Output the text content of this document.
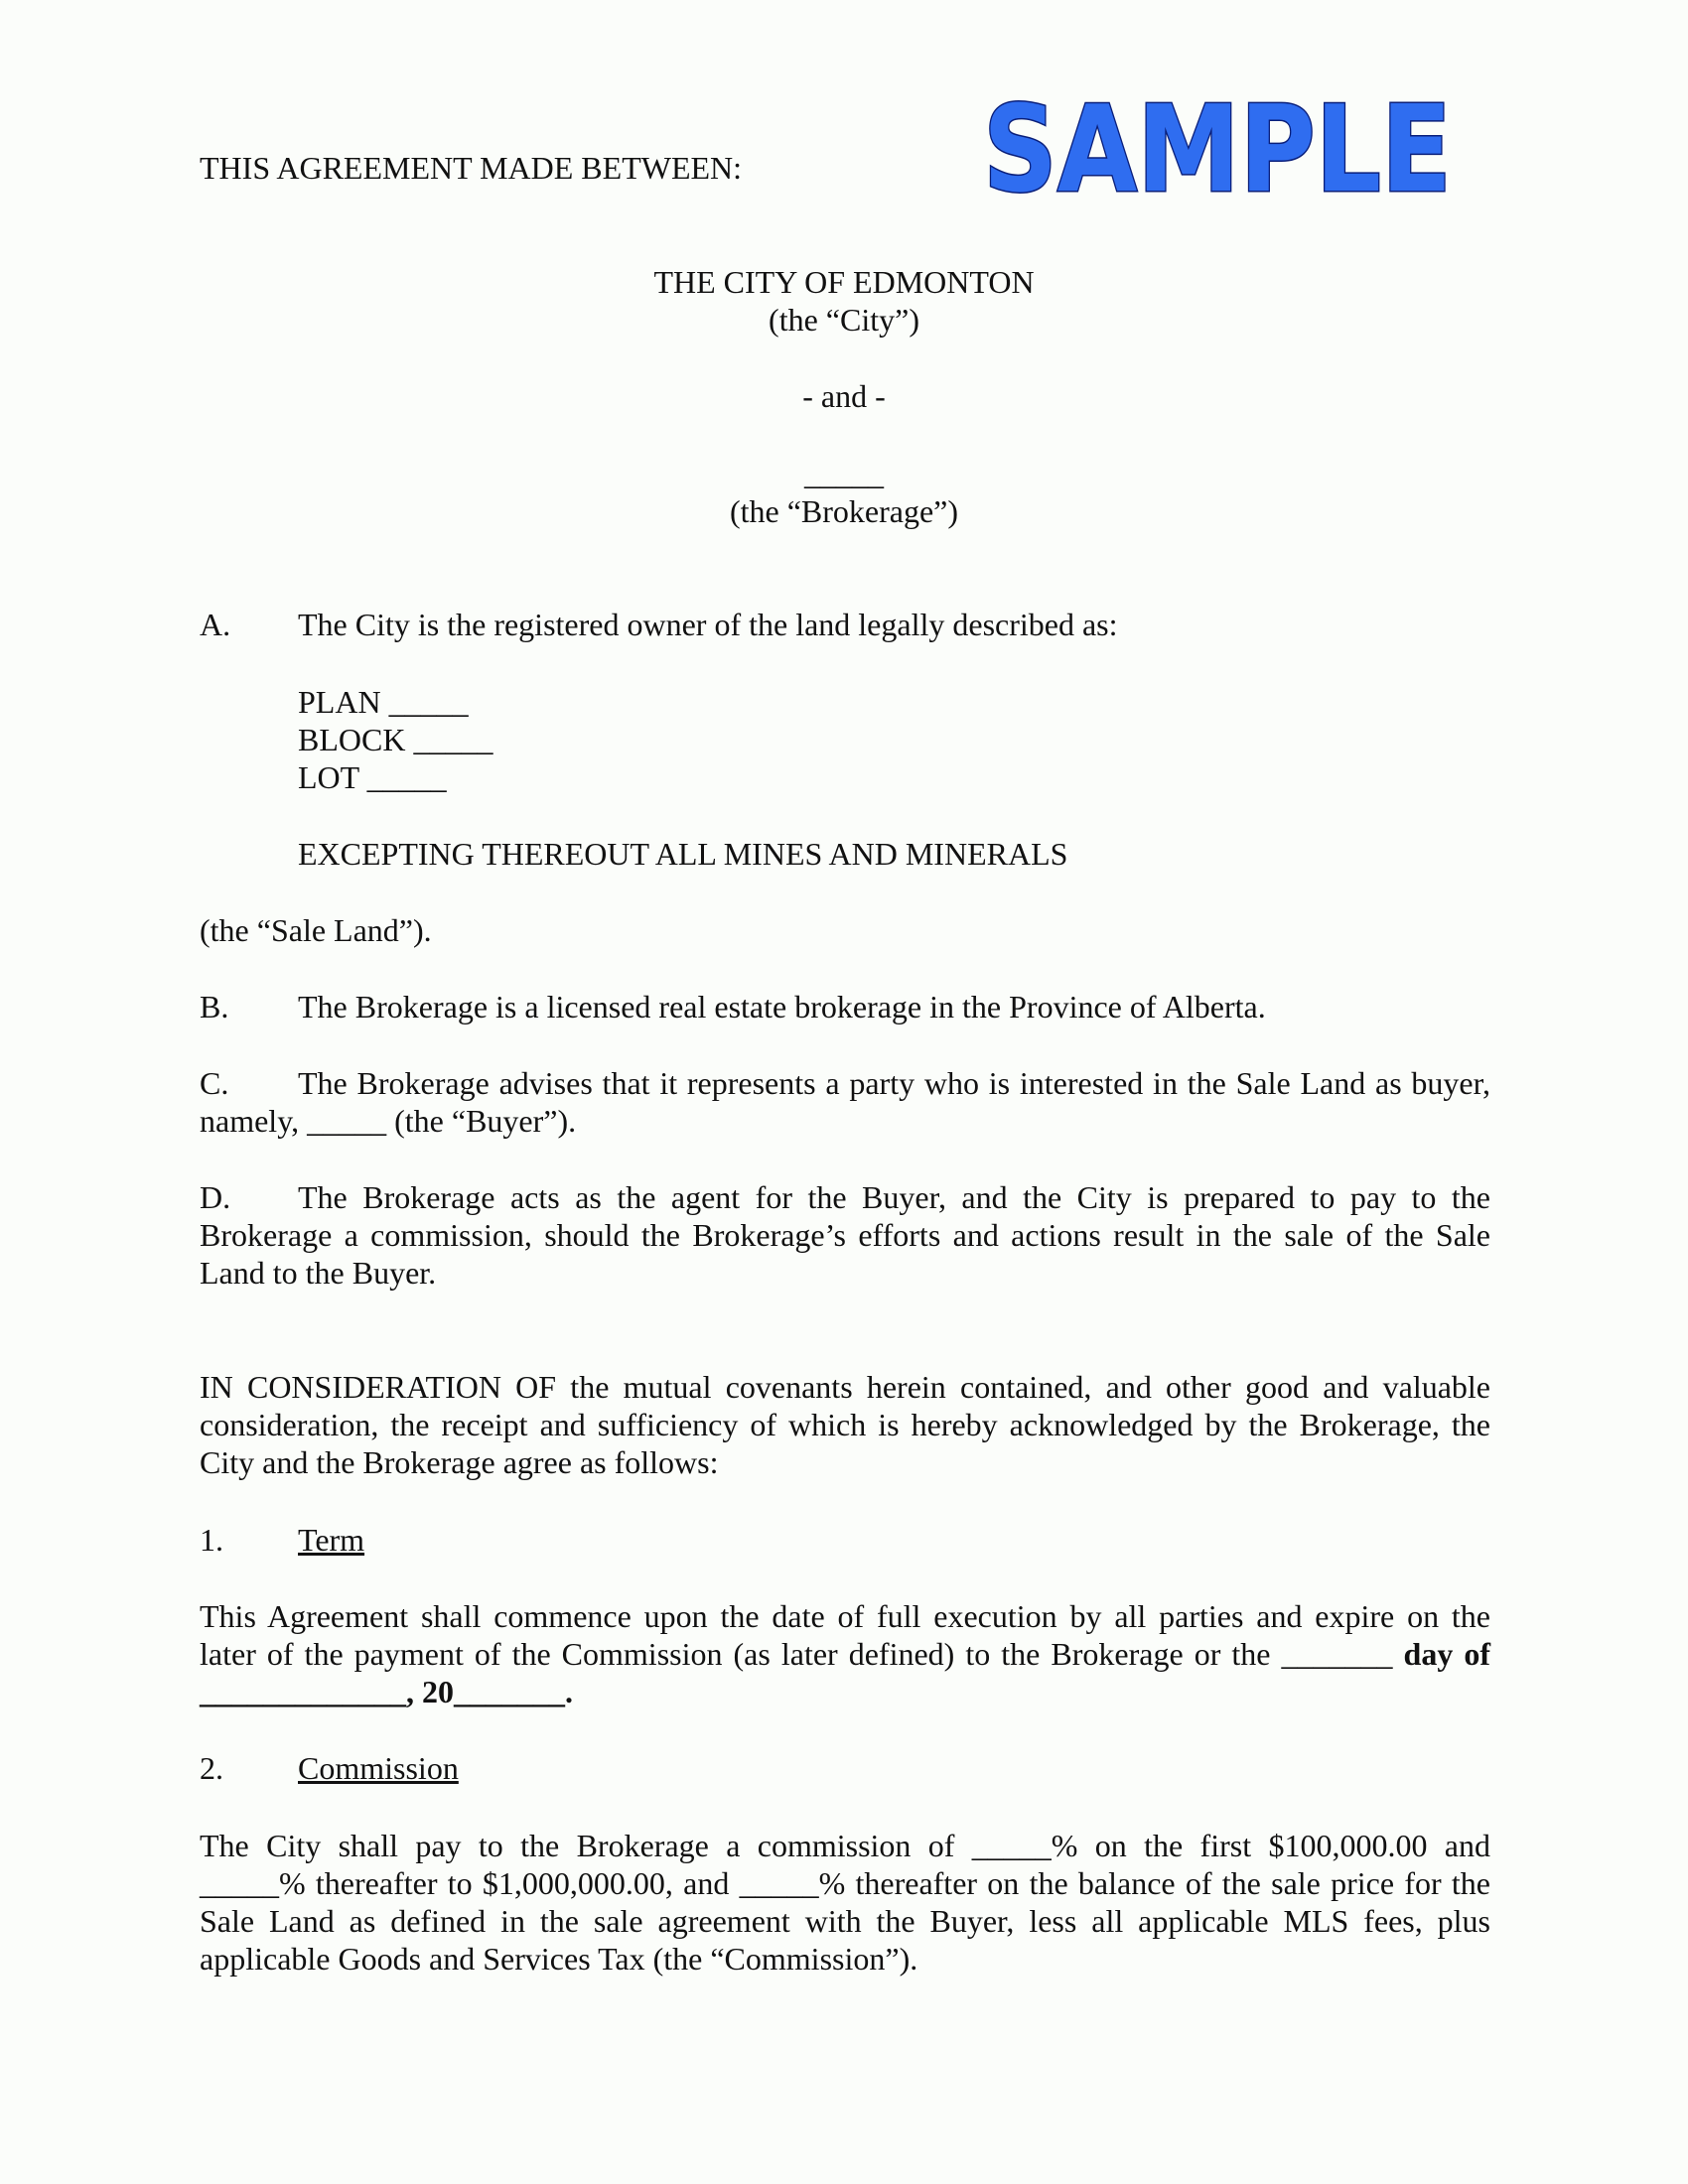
THIS AGREEMENT MADE BETWEEN: SAMPLE
THE CITY OF EDMONTON
(the “City”)
- and -
_____
(the “Brokerage”)
A. The City is the registered owner of the land legally described as:
PLAN _____
BLOCK _____
LOT _____
EXCEPTING THEREOUT ALL MINES AND MINERALS
(the “Sale Land”).
B. The Brokerage is a licensed real estate brokerage in the Province of Alberta.
C. The Brokerage advises that it represents a party who is interested in the Sale Land as buyer,
namely, _____ (the “Buyer”).
D. The Brokerage acts as the agent for the Buyer, and the City is prepared to pay to the
Brokerage a commission, should the Brokerage’s efforts and actions result in the sale of the Sale
Land to the Buyer.
IN CONSIDERATION OF the mutual covenants herein contained, and other good and valuable
consideration, the receipt and sufficiency of which is hereby acknowledged by the Brokerage, the
City and the Brokerage agree as follows:
1. Term
This Agreement shall commence upon the date of full execution by all parties and expire on the
later of the payment of the Commission (as later defined) to the Brokerage or the _______ day of
_____________, 20_______.
2. Commission
The City shall pay to the Brokerage a commission of _____% on the first $100,000.00 and
_____% thereafter to $1,000,000.00, and _____% thereafter on the balance of the sale price for the
Sale Land as defined in the sale agreement with the Buyer, less all applicable MLS fees, plus
applicable Goods and Services Tax (the “Commission”).
